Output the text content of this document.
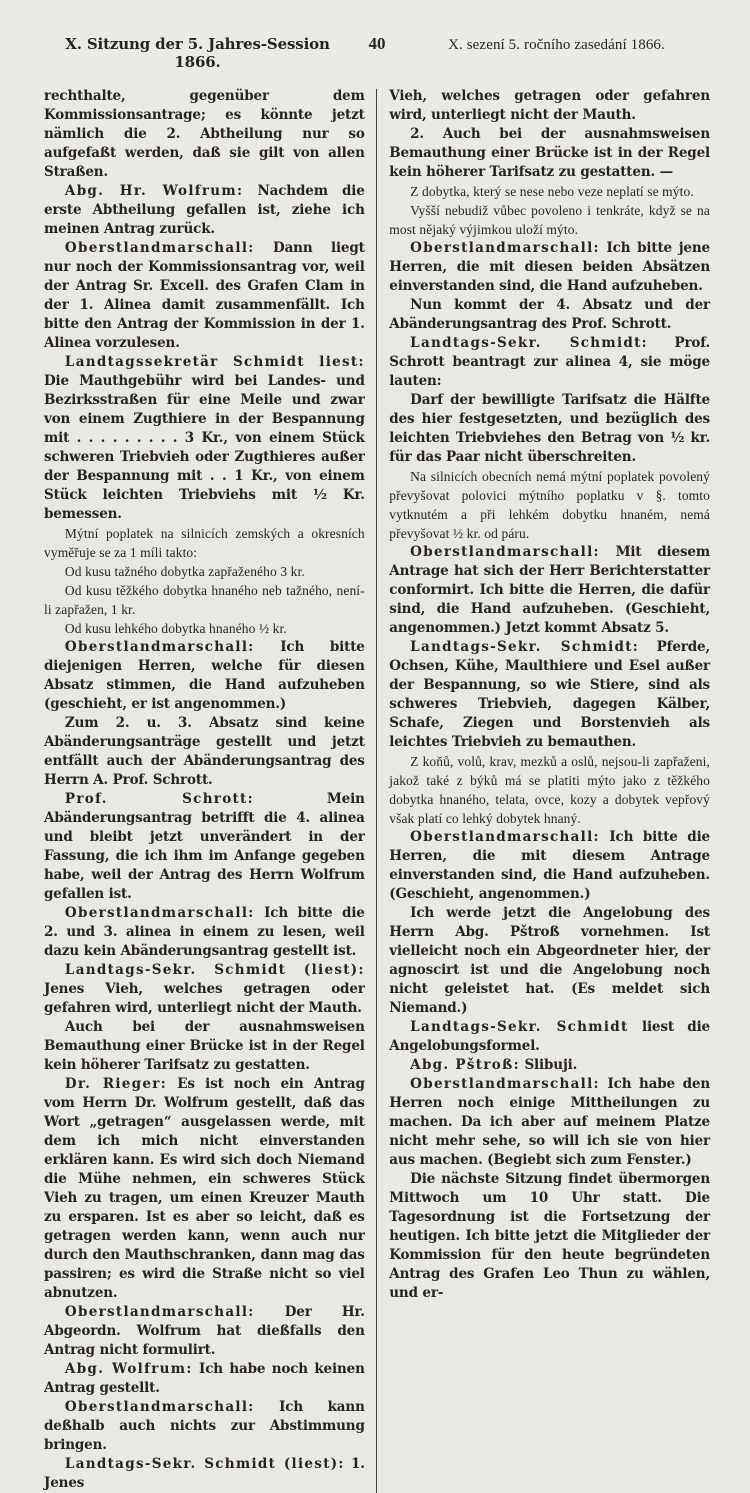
X. Sitzung der 5. Jahres-Session 1866.
40	X. sezení 5. ročního zasedání 1866.

rechthalte, gegenüber dem Kommissionsantrage; es könnte jetzt nämlich die 2. Abtheilung nur so aufgefaßt werden, daß sie gilt von allen Straßen.

Abg. Hr. Wolfrum: Nachdem die erste Abtheilung gefallen ist, ziehe ich meinen Antrag zurück.

Oberstlandmarschall: Dann liegt nur noch der Kommissionsantrag vor, weil der Antrag Sr. Excell. des Grafen Clam in der 1. Alinea damit zusammenfällt. Ich bitte den Antrag der Kommission in der 1. Alinea vorzulesen.

Landtagssekretär Schmidt liest: Die Mauthgebühr wird bei Landes- und Bezirksstraßen für eine Meile und zwar von einem Zugthiere in der Bespannung mit . . . . . . . . . 3 Kr., von einem Stück schweren Triebvieh oder Zugthieres außer der Bespannung mit . . 1 Kr., von einem Stück leichten Triebviehs mit ½ Kr. bemessen.

Mýtní poplatek na silnicích zemských a okresních vyměřuje se za 1 míli takto:

Od kusu tažného dobytka zapřaženého 3 kr.

Od kusu těžkého dobytka hnaného neb tažného, není-li zapřažen, 1 kr.

Od kusu lehkého dobytka hnaného ½ kr.

Oberstlandmarschall: Ich bitte diejenigen Herren, welche für diesen Absatz stimmen, die Hand aufzuheben (geschieht, er ist angenommen.)

Zum 2. u. 3. Absatz sind keine Abänderungsanträge gestellt und jetzt entfällt auch der Abänderungsantrag des Herrn A. Prof. Schrott.

Prof. Schrott:	Mein Abänderungsantrag betrifft die 4. alinea und bleibt jetzt unverändert in der Fassung, die ich ihm im Anfange gegeben habe, weil der Antrag des Herrn Wolfrum gefallen ist.

Oberstlandmarschall: Ich bitte die 2. und 3. alinea in einem zu lesen, weil dazu kein Abänderungsantrag gestellt ist.

Landtags-Sekr. Schmidt (liest): Jenes Vieh, welches getragen oder gefahren wird, unterliegt nicht der Mauth.

Auch bei der ausnahmsweisen Bemauthung einer Brücke ist in der Regel kein höherer Tarifsatz zu gestatten.

Dr. Rieger: Es ist noch ein Antrag vom Herrn Dr. Wolfrum gestellt, daß das Wort „getragen“ ausgelassen werde, mit dem ich mich nicht einverstanden erklären kann. Es wird sich doch Niemand die Mühe nehmen, ein schweres Stück Vieh zu tragen, um einen Kreuzer Mauth zu ersparen. Ist es aber so leicht, daß es getragen werden kann, wenn auch nur durch den Mauthschranken, dann mag das passiren; es wird die Straße nicht so viel abnutzen.

Oberstlandmarschall: Der Hr. Abgeordn. Wolfrum hat dießfalls den Antrag nicht formulirt.

Abg. Wolfrum: Ich habe noch keinen Antrag gestellt.

Oberstlandmarschall: Ich kann deßhalb auch nichts zur Abstimmung bringen.

Landtags-Sekr. Schmidt (liest): 1. Jenes

Vieh, welches getragen oder gefahren wird, unterliegt nicht der Mauth.

2. Auch bei der ausnahmsweisen Bemauthung einer Brücke ist in der Regel kein höherer Tarifsatz zu gestatten. —

Z dobytka, který se nese nebo veze neplatí se mýto.

Vyšší nebudiž vůbec povoleno i tenkráte, když se na most nějaký výjimkou uloží mýto.

Oberstlandmarschall: Ich bitte jene Herren, die mit diesen beiden Absätzen einverstanden sind, die Hand aufzuheben.

Nun kommt der 4. Absatz und der Abänderungsantrag des Prof. Schrott.

Landtags-Sekr. Schmidt: Prof. Schrott beantragt zur alinea 4, sie möge lauten:

Darf der bewilligte Tarifsatz die Hälfte des hier festgesetzten, und bezüglich des leichten Triebviehes den Betrag von ½ kr. für das Paar nicht überschreiten.

Na silnicích obecních nemá mýtní poplatek povolený převyšovat polovici mýtního poplatku v §. tomto vytknutém a při lehkém dobytku hnaném, nemá převyšovat ½ kr. od páru.

Oberstlandmarschall: Mit diesem Antrage hat sich der Herr Berichterstatter conformirt. Ich bitte die Herren, die dafür sind, die Hand aufzuheben. (Geschieht, angenommen.) Jetzt kommt Absatz 5.

Landtags-Sekr. Schmidt: Pferde, Ochsen, Kühe, Maulthiere und Esel außer der Bespannung, so wie Stiere, sind als schweres Triebvieh, dagegen Kälber, Schafe, Ziegen und Borstenvieh als leichtes Triebvieh zu bemauthen.

Z koňů, volů, krav, mezků a oslů, nejsou-li zapřaženi, jakož také z býků má se platiti mýto jako z těžkého dobytka hnaného, telata, ovce, kozy a dobytek vepřový však platí co lehký dobytek hnaný.

Oberstlandmarschall: Ich bitte die Herren, die mit diesem Antrage einverstanden sind, die Hand aufzuheben. (Geschieht, angenommen.)

Ich werde jetzt die Angelobung des Herrn Abg. Pštroß vornehmen. Ist vielleicht noch ein Abgeordneter hier, der agnoscirt ist und die Angelobung noch nicht geleistet hat. (Es meldet sich Niemand.)

Landtags-Sekr. Schmidt liest die Angelobungsformel.

Abg. Pštroß: Slibuji.

Oberstlandmarschall: Ich habe den Herren noch einige Mittheilungen zu machen. Da ich aber auf meinem Platze nicht mehr sehe, so will ich sie von hier aus machen. (Begiebt sich zum Fenster.)

Die nächste Sitzung findet übermorgen Mittwoch um 10 Uhr statt. Die Tagesordnung ist die Fortsetzung der heutigen. Ich bitte jetzt die Mitglieder der Kommission für den heute begründeten Antrag des Grafen Leo Thun zu wählen, und er-
